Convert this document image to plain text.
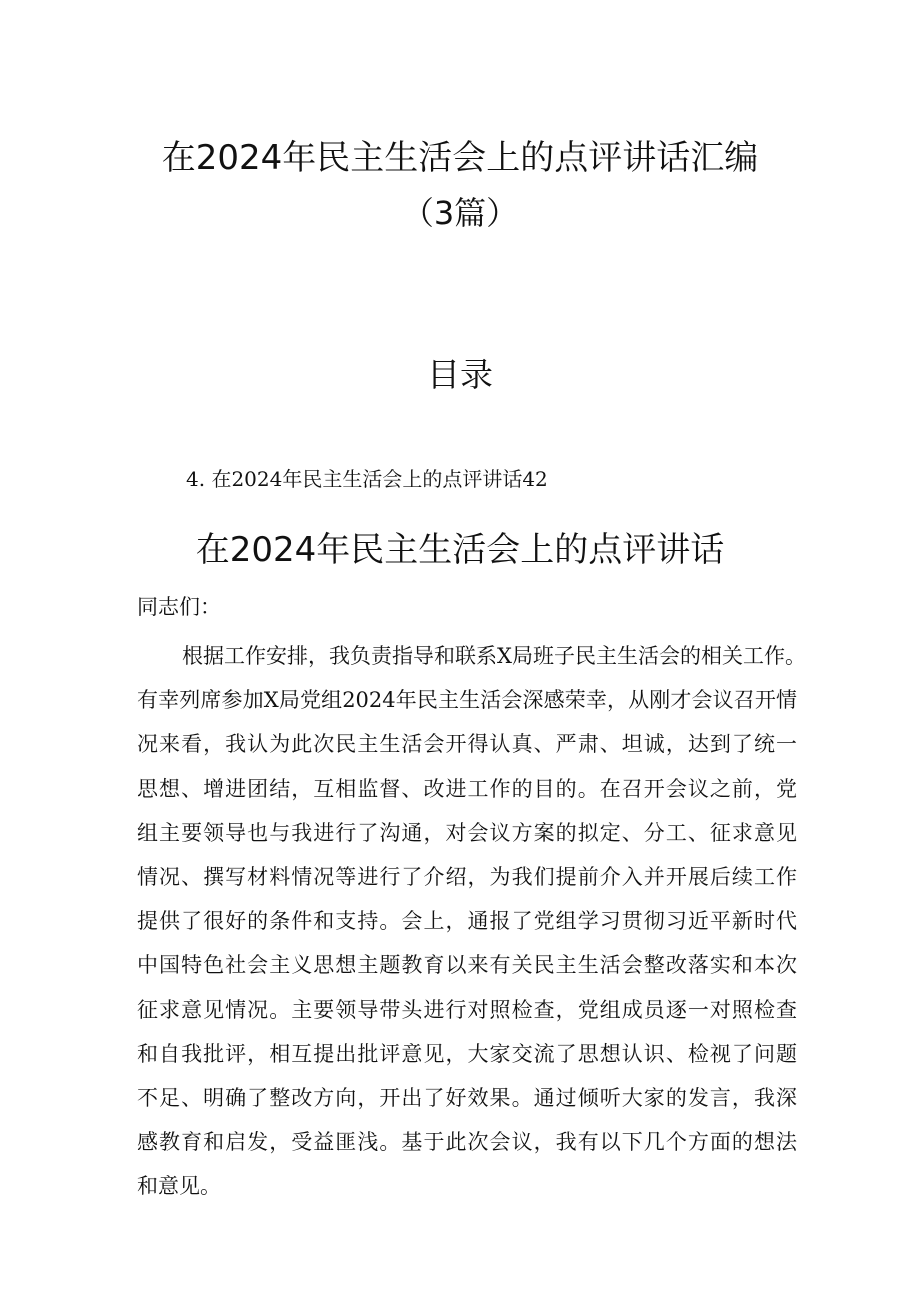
在2024年民主生活会上的点评讲话汇编
（3篇）
目录
4. 在2024年民主生活会上的点评讲话42
在2024年民主生活会上的点评讲话
同志们：
根据工作安排，我负责指导和联系X局班子民主生活会的相关工作。
有幸列席参加X局党组2024年民主生活会深感荣幸，从刚才会议召开情
况来看，我认为此次民主生活会开得认真、严肃、坦诚，达到了统一
思想、增进团结，互相监督、改进工作的目的。在召开会议之前，党
组主要领导也与我进行了沟通，对会议方案的拟定、分工、征求意见
情况、撰写材料情况等进行了介绍，为我们提前介入并开展后续工作
提供了很好的条件和支持。会上，通报了党组学习贯彻习近平新时代
中国特色社会主义思想主题教育以来有关民主生活会整改落实和本次
征求意见情况。主要领导带头进行对照检查，党组成员逐一对照检查
和自我批评，相互提出批评意见，大家交流了思想认识、检视了问题
不足、明确了整改方向，开出了好效果。通过倾听大家的发言，我深
感教育和启发，受益匪浅。基于此次会议，我有以下几个方面的想法
和意见。
